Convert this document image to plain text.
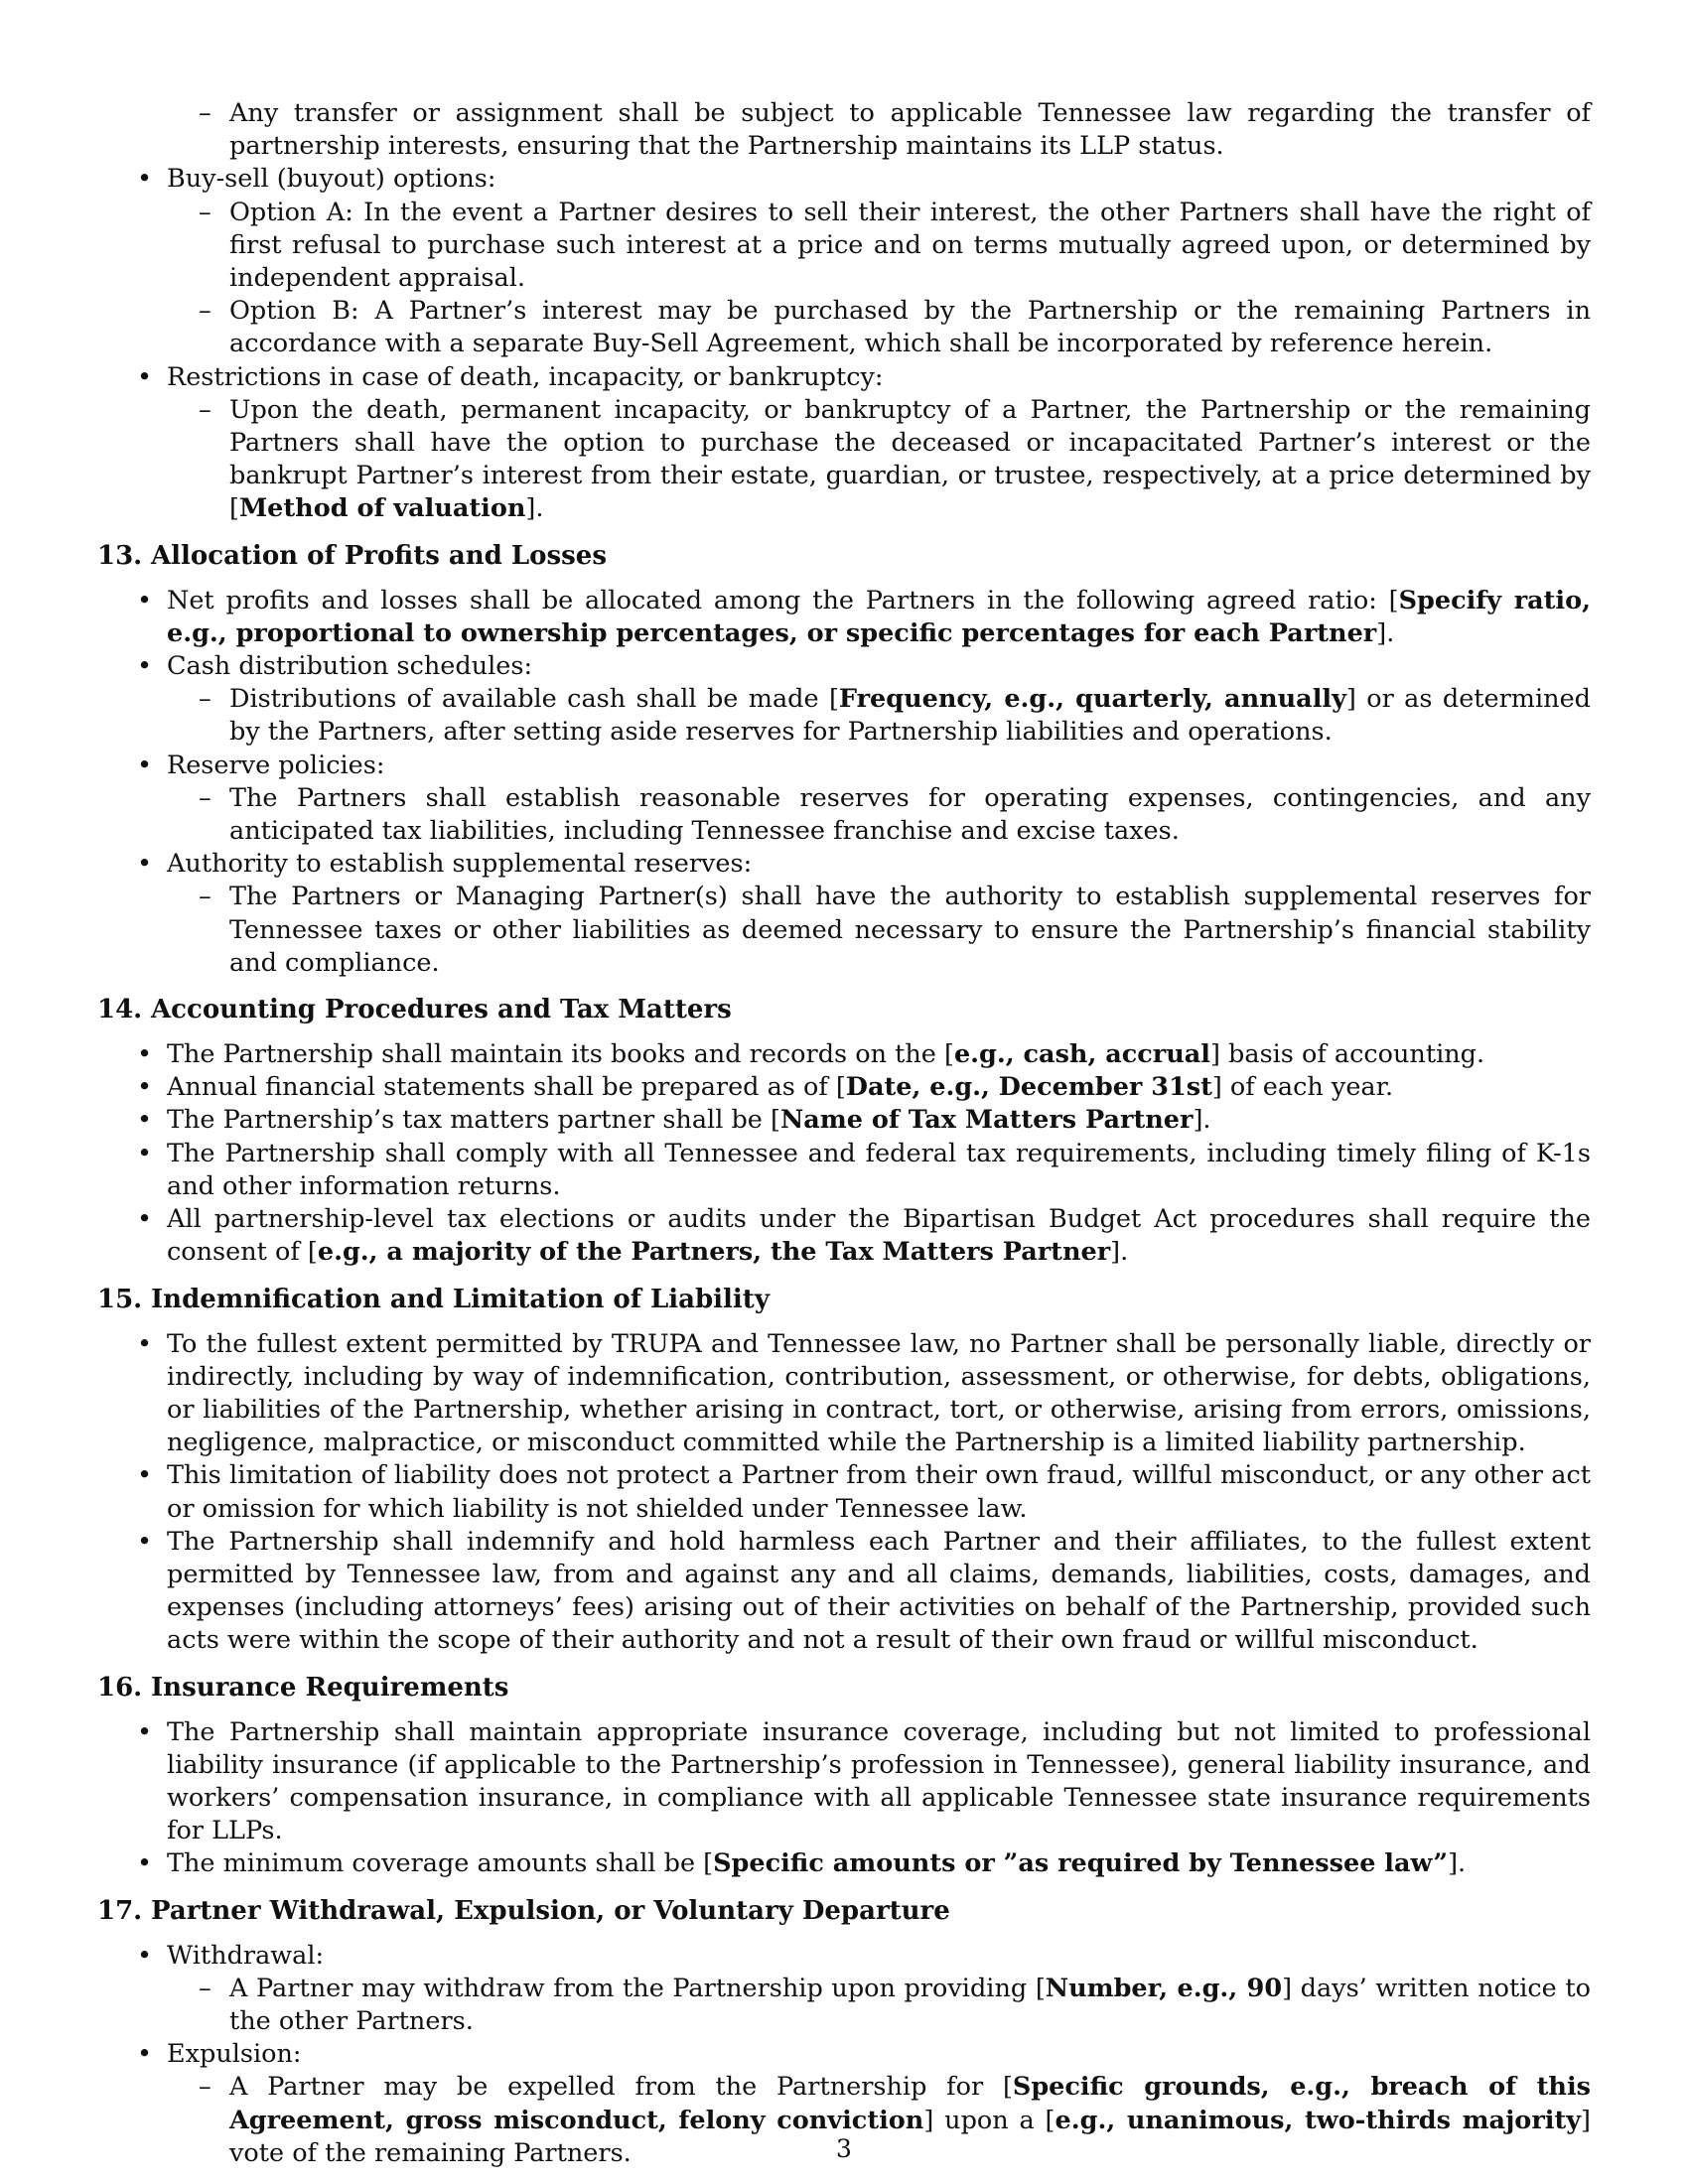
– Any transfer or assignment shall be subject to applicable Tennessee law regarding the transfer of partnership interests, ensuring that the Partnership maintains its LLP status.
• Buy-sell (buyout) options:
– Option A: In the event a Partner desires to sell their interest, the other Partners shall have the right of first refusal to purchase such interest at a price and on terms mutually agreed upon, or determined by independent appraisal.
– Option B: A Partner’s interest may be purchased by the Partnership or the remaining Partners in accordance with a separate Buy-Sell Agreement, which shall be incorporated by reference herein.
• Restrictions in case of death, incapacity, or bankruptcy:
– Upon the death, permanent incapacity, or bankruptcy of a Partner, the Partnership or the remaining Partners shall have the option to purchase the deceased or incapacitated Partner’s interest or the bankrupt Partner’s interest from their estate, guardian, or trustee, respectively, at a price determined by [Method of valuation].
13. Allocation of Profits and Losses
• Net profits and losses shall be allocated among the Partners in the following agreed ratio: [Specify ratio, e.g., proportional to ownership percentages, or specific percentages for each Partner].
• Cash distribution schedules:
– Distributions of available cash shall be made [Frequency, e.g., quarterly, annually] or as determined by the Partners, after setting aside reserves for Partnership liabilities and operations.
• Reserve policies:
– The Partners shall establish reasonable reserves for operating expenses, contingencies, and any anticipated tax liabilities, including Tennessee franchise and excise taxes.
• Authority to establish supplemental reserves:
– The Partners or Managing Partner(s) shall have the authority to establish supplemental reserves for Tennessee taxes or other liabilities as deemed necessary to ensure the Partnership’s financial stability and compliance.
14. Accounting Procedures and Tax Matters
• The Partnership shall maintain its books and records on the [e.g., cash, accrual] basis of accounting.
• Annual financial statements shall be prepared as of [Date, e.g., December 31st] of each year.
• The Partnership’s tax matters partner shall be [Name of Tax Matters Partner].
• The Partnership shall comply with all Tennessee and federal tax requirements, including timely filing of K-1s and other information returns.
• All partnership-level tax elections or audits under the Bipartisan Budget Act procedures shall require the consent of [e.g., a majority of the Partners, the Tax Matters Partner].
15. Indemnification and Limitation of Liability
• To the fullest extent permitted by TRUPA and Tennessee law, no Partner shall be personally liable, directly or indirectly, including by way of indemnification, contribution, assessment, or otherwise, for debts, obligations, or liabilities of the Partnership, whether arising in contract, tort, or otherwise, arising from errors, omissions, negligence, malpractice, or misconduct committed while the Partnership is a limited liability partnership.
• This limitation of liability does not protect a Partner from their own fraud, willful misconduct, or any other act or omission for which liability is not shielded under Tennessee law.
• The Partnership shall indemnify and hold harmless each Partner and their affiliates, to the fullest extent permitted by Tennessee law, from and against any and all claims, demands, liabilities, costs, damages, and expenses (including attorneys’ fees) arising out of their activities on behalf of the Partnership, provided such acts were within the scope of their authority and not a result of their own fraud or willful misconduct.
16. Insurance Requirements
• The Partnership shall maintain appropriate insurance coverage, including but not limited to professional liability insurance (if applicable to the Partnership’s profession in Tennessee), general liability insurance, and workers’ compensation insurance, in compliance with all applicable Tennessee state insurance requirements for LLPs.
• The minimum coverage amounts shall be [Specific amounts or ”as required by Tennessee law”].
17. Partner Withdrawal, Expulsion, or Voluntary Departure
• Withdrawal:
– A Partner may withdraw from the Partnership upon providing [Number, e.g., 90] days’ written notice to the other Partners.
• Expulsion:
– A Partner may be expelled from the Partnership for [Specific grounds, e.g., breach of this Agreement, gross misconduct, felony conviction] upon a [e.g., unanimous, two-thirds majority] vote of the remaining Partners.	3
